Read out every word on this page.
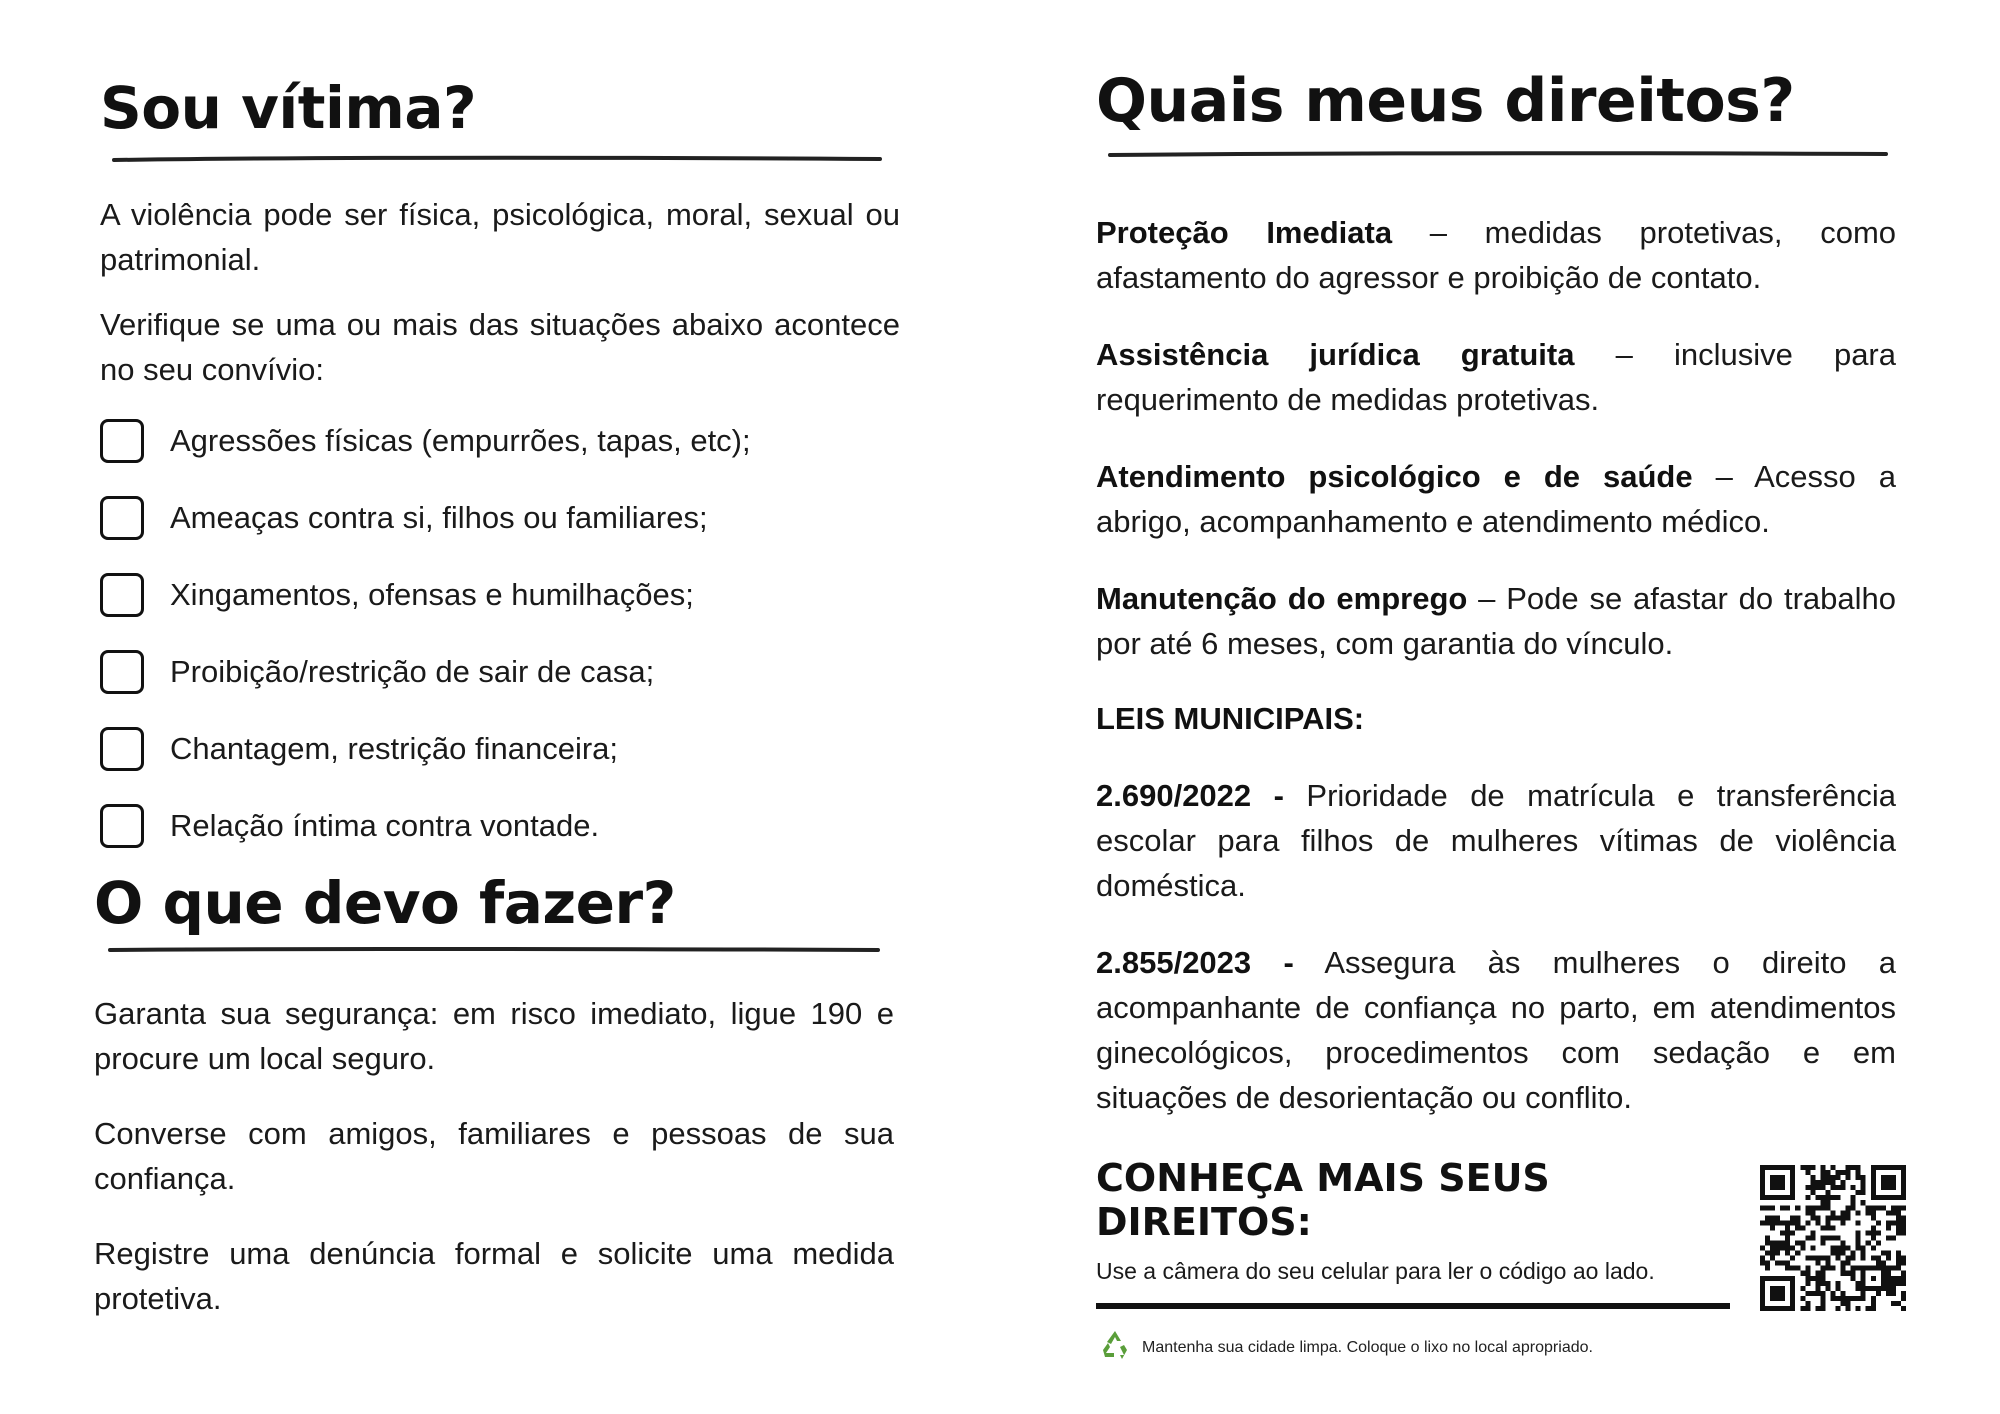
Sou vítima?

A violência pode ser física, psicológica, moral, sexual ou patrimonial.

Verifique se uma ou mais das situações abaixo acontece no seu convívio:

Agressões físicas (empurrões, tapas, etc);
Ameaças contra si, filhos ou familiares;
Xingamentos, ofensas e humilhações;
Proibição/restrição de sair de casa;
Chantagem, restrição financeira;
Relação íntima contra vontade.
O que devo fazer?

Garanta sua segurança: em risco imediato, ligue 190 e procure um local seguro.

Converse com amigos, familiares e pessoas de sua confiança.

Registre uma denúncia formal e solicite uma medida protetiva.

Quais meus direitos?

Proteção Imediata – medidas protetivas, como afastamento do agressor e proibição de contato.

Assistência jurídica gratuita – inclusive para requerimento de medidas protetivas.

Atendimento psicológico e de saúde – Acesso a abrigo, acompanhamento e atendimento médico.

Manutenção do emprego – Pode se afastar do trabalho por até 6 meses, com garantia do vínculo.

LEIS MUNICIPAIS:

2.690/2022 - Prioridade de matrícula e transferência escolar para filhos de mulheres vítimas de violência doméstica.

2.855/2023 - Assegura às mulheres o direito a acompanhante de confiança no parto, em atendimentos ginecológicos, procedimentos com sedação e em situações de desorientação ou conflito.

CONHEÇA MAIS SEUS DIREITOS:

Use a câmera do seu celular para ler o código ao lado.
Mantenha sua cidade limpa. Coloque o lixo no local apropriado.
